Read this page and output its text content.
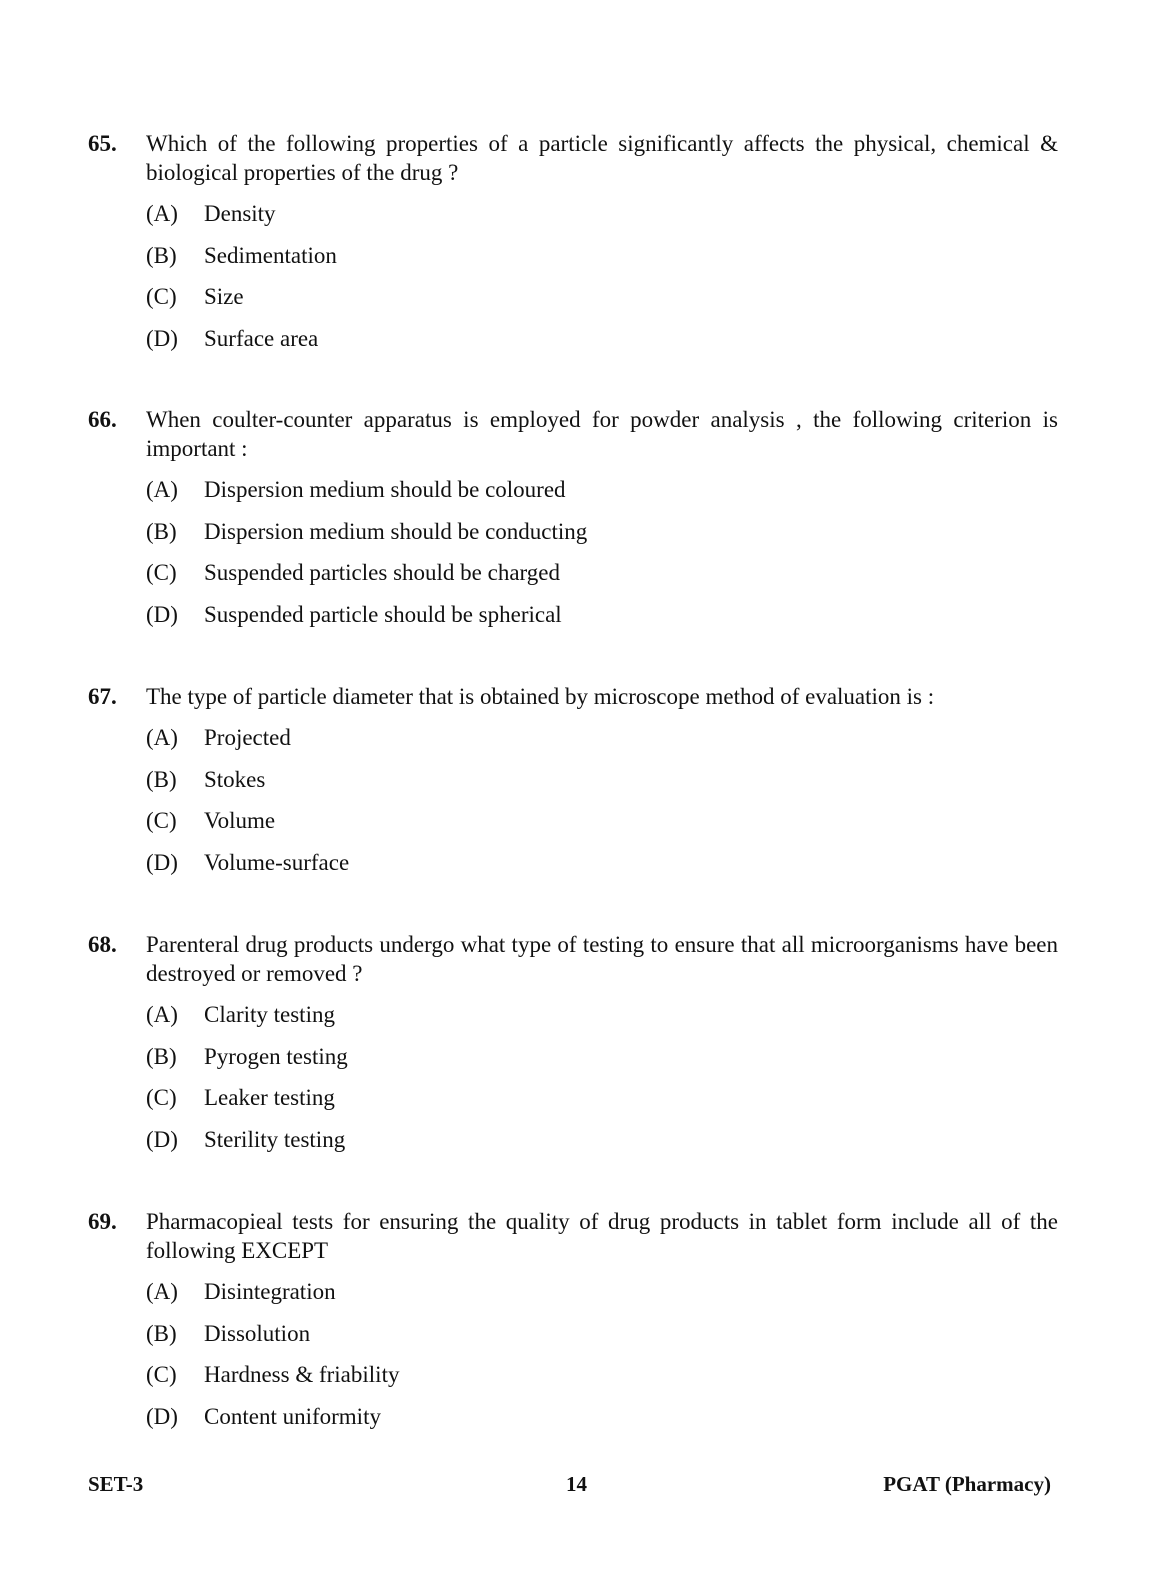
65. Which of the following properties of a particle significantly affects the physical, chemical & biological properties of the drug ?
(A)	Density
(B)	Sedimentation
(C)	Size
(D)	Surface area
66. When coulter-counter apparatus is employed for powder analysis , the following criterion is important :
(A)	Dispersion medium should be coloured
(B)	Dispersion medium should be conducting
(C)	Suspended particles should be charged
(D)	Suspended particle should be spherical
67. The type of particle diameter that is obtained by microscope method of evaluation is :
(A)	Projected
(B)	Stokes
(C)	Volume
(D)	Volume-surface
68. Parenteral drug products undergo what type of testing to ensure that all microorganisms have been destroyed or removed ?
(A)	Clarity testing
(B)	Pyrogen testing
(C)	Leaker testing
(D)	Sterility testing
69. Pharmacopieal tests for ensuring the quality of drug products in tablet form include all of the following EXCEPT
(A)	Disintegration
(B)	Dissolution
(C)	Hardness & friability
(D)	Content uniformity
SET-3	14	PGAT (Pharmacy)
